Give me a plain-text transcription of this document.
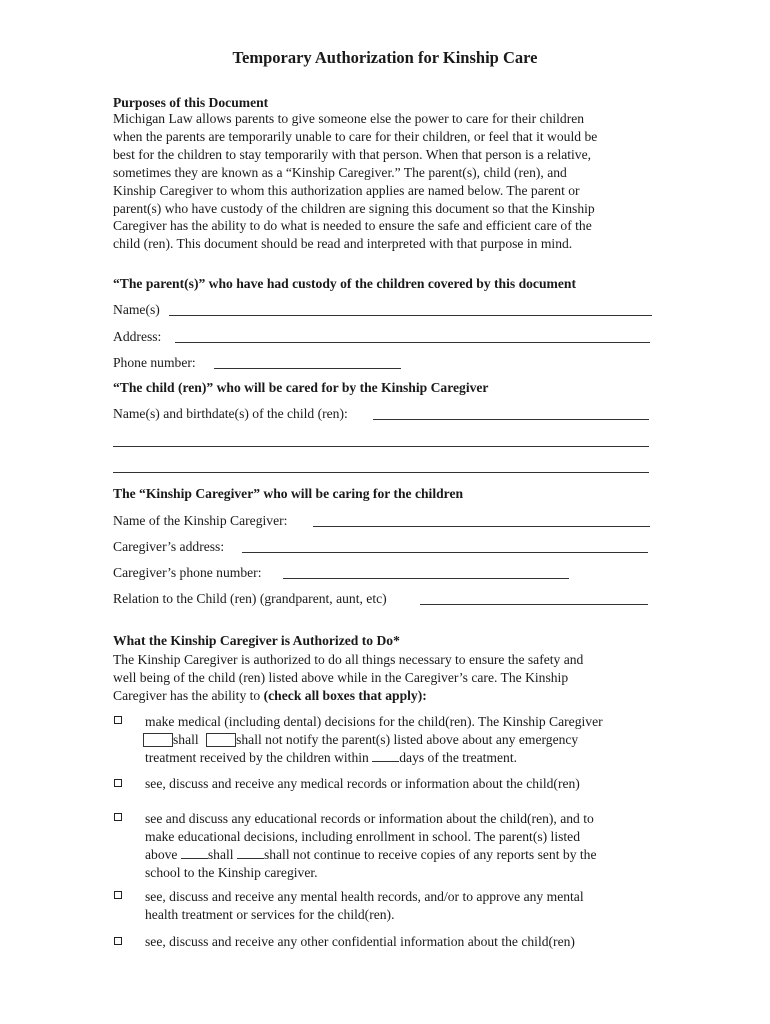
Temporary Authorization for Kinship Care
Purposes of this Document
Michigan Law allows parents to give someone else the power to care for their children
when the parents are temporarily unable to care for their children, or feel that it would be
best for the children to stay temporarily with that person. When that person is a relative,
sometimes they are known as a “Kinship Caregiver.” The parent(s), child (ren), and
Kinship Caregiver to whom this authorization applies are named below. The parent or
parent(s) who have custody of the children are signing this document so that the Kinship
Caregiver has the ability to do what is needed to ensure the safe and efficient care of the
child (ren). This document should be read and interpreted with that purpose in mind.
“The parent(s)” who have had custody of the children covered by this document
Name(s)
Address:
Phone number:
“The child (ren)” who will be cared for by the Kinship Caregiver
Name(s) and birthdate(s) of the child (ren):
The “Kinship Caregiver” who will be caring for the children
Name of the Kinship Caregiver:
Caregiver’s address:
Caregiver’s phone number:
Relation to the Child (ren) (grandparent, aunt, etc)
What the Kinship Caregiver is Authorized to Do*
The Kinship Caregiver is authorized to do all things necessary to ensure the safety and
well being of the child (ren) listed above while in the Caregiver’s care. The Kinship
Caregiver has the ability to (check all boxes that apply):
make medical (including dental) decisions for the child(ren). The Kinship Caregiver
shall	shall not notify the parent(s) listed above about any emergency
treatment received by the children within days of the treatment.
see, discuss and receive any medical records or information about the child(ren)
see and discuss any educational records or information about the child(ren), and to
make educational decisions, including enrollment in school. The parent(s) listed
above shall shall not continue to receive copies of any reports sent by the
school to the Kinship caregiver.
see, discuss and receive any mental health records, and/or to approve any mental
health treatment or services for the child(ren).
see, discuss and receive any other confidential information about the child(ren)
